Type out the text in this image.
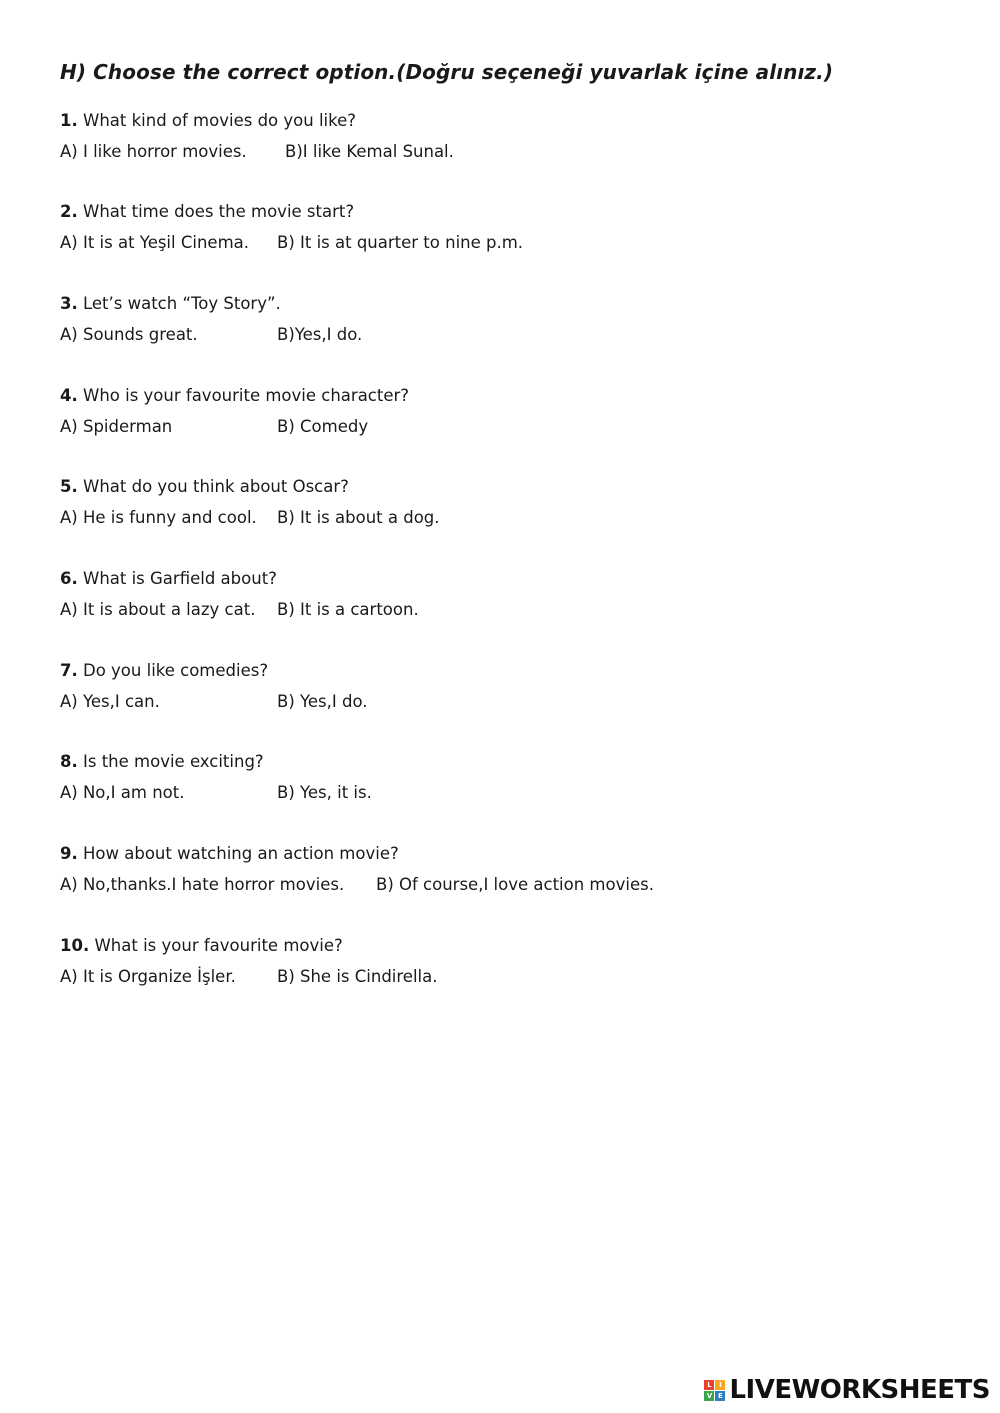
H) Choose the correct option.(Doğru seçeneği yuvarlak içine alınız.)
1. What kind of movies do you like?
A) I like horror movies. B)I like Kemal Sunal.
2. What time does the movie start?
A) It is at Yeşil Cinema. B) It is at quarter to nine p.m.
3. Let’s watch “Toy Story”.
A) Sounds great.	B)Yes,I do.
4. Who is your favourite movie character?
A) Spiderman	B) Comedy
5. What do you think about Oscar?
A) He is funny and cool. B) It is about a dog.
6. What is Garfield about?
A) It is about a lazy cat. B) It is a cartoon.
7. Do you like comedies?
A) Yes,I can.	B) Yes,I do.
8. Is the movie exciting?
A) No,I am not.	B) Yes, it is.
9. How about watching an action movie?
A) No,thanks.I hate horror movies. B) Of course,I love action movies.
10. What is your favourite movie?
A) It is Organize İşler. B) She is Cindirella.
L	I
V E LIVEWORKSHEETS
